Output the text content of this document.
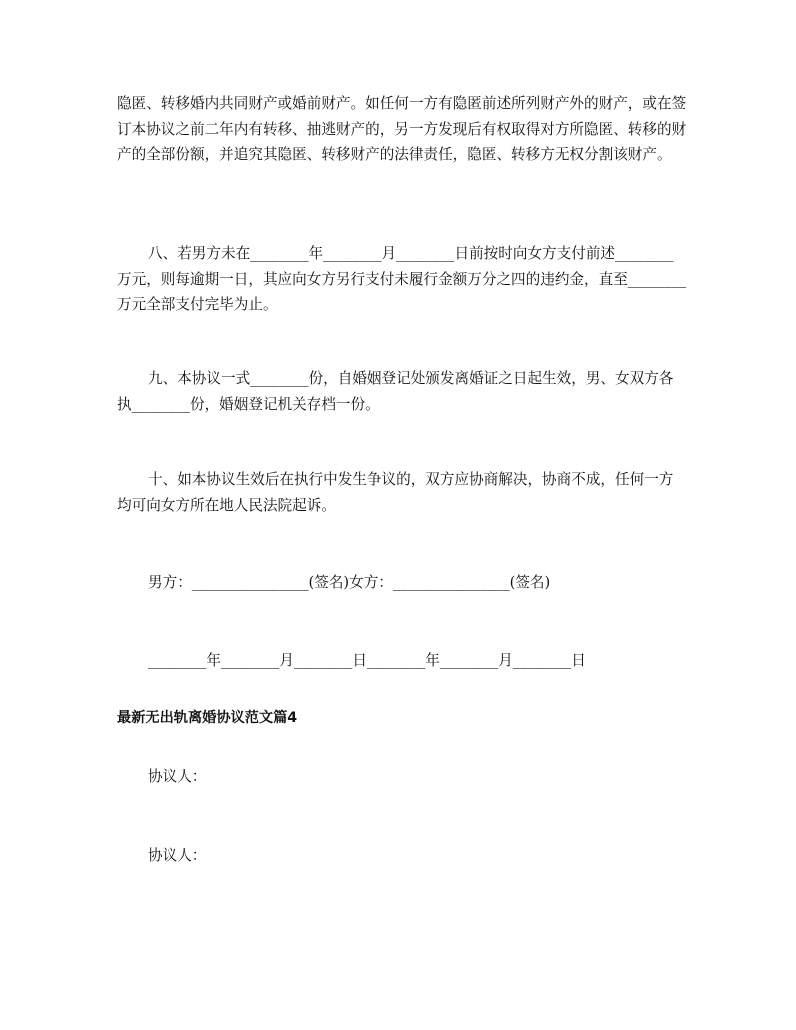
隐匿、转移婚内共同财产或婚前财产。如任何一方有隐匿前述所列财产外的财产，或在签订本协议之前二年内有转移、抽逃财产的，另一方发现后有权取得对方所隐匿、转移的财产的全部份额，并追究其隐匿、转移财产的法律责任，隐匿、转移方无权分割该财产。

八、若男方未在________年________月________日前按时向女方支付前述________万元，则每逾期一日，其应向女方另行支付未履行金额万分之四的违约金，直至________万元全部支付完毕为止。

九、本协议一式________份，自婚姻登记处颁发离婚证之日起生效，男、女双方各执________份，婚姻登记机关存档一份。

十、如本协议生效后在执行中发生争议的，双方应协商解决，协商不成，任何一方均可向女方所在地人民法院起诉。

男方：________________(签名)女方：________________(签名)

________年________月________日________年________月________日

最新无出轨离婚协议范文篇4

协议人：

协议人：
